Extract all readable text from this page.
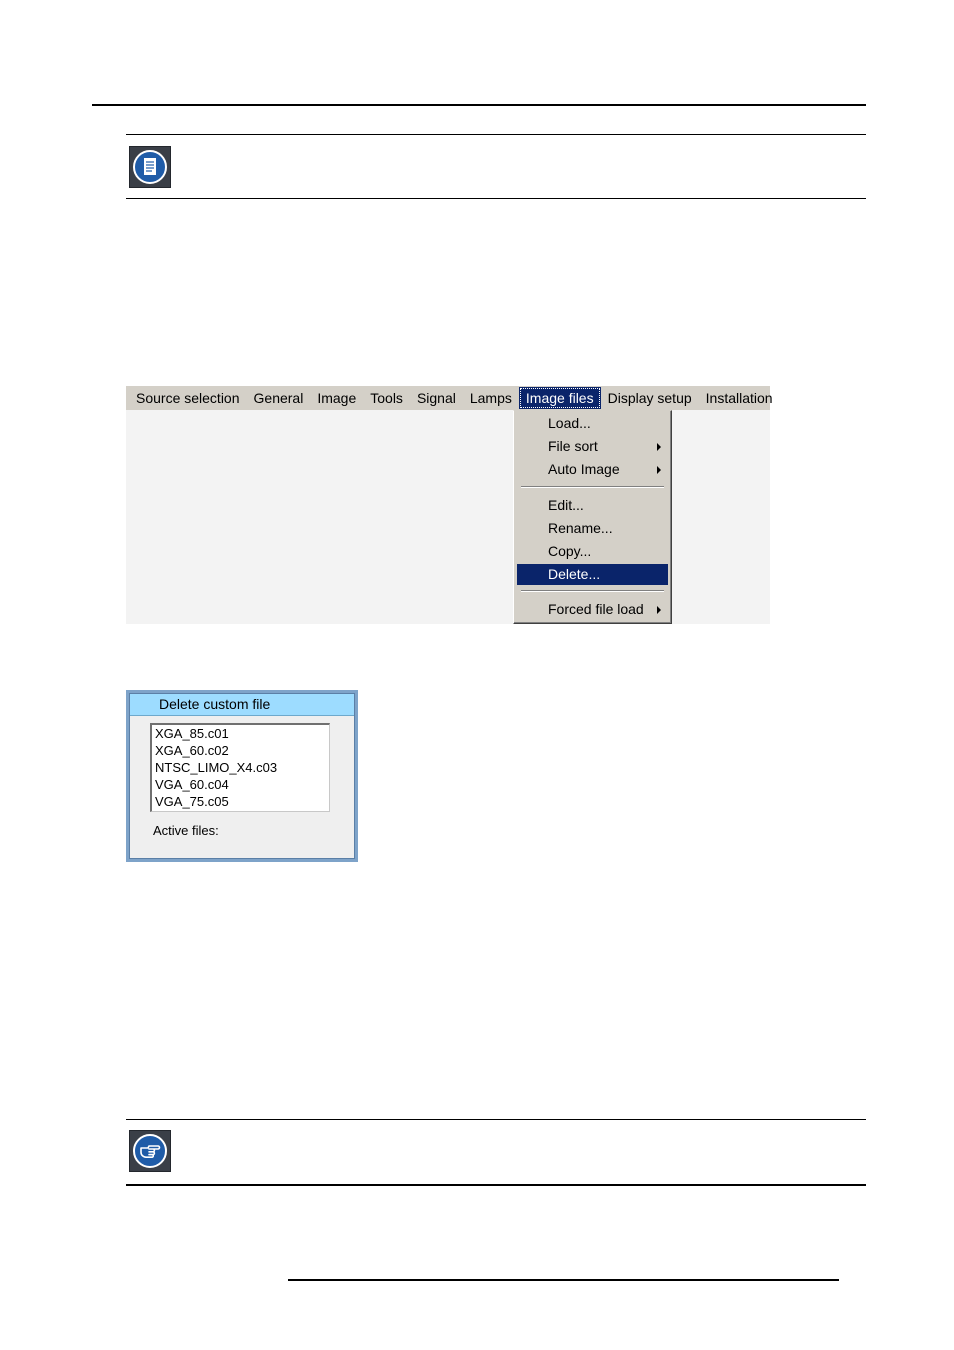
Source selection	General	Image	Tools	Signal	Lamps	Image files	Display setup	Installation
Load...
File sort
Auto Image
Edit...
Rename...
Copy...
Delete...
Forced file load
Delete custom file
XGA_85.c01
XGA_60.c02
NTSC_LIMO_X4.c03
VGA_60.c04
VGA_75.c05
Active files:
